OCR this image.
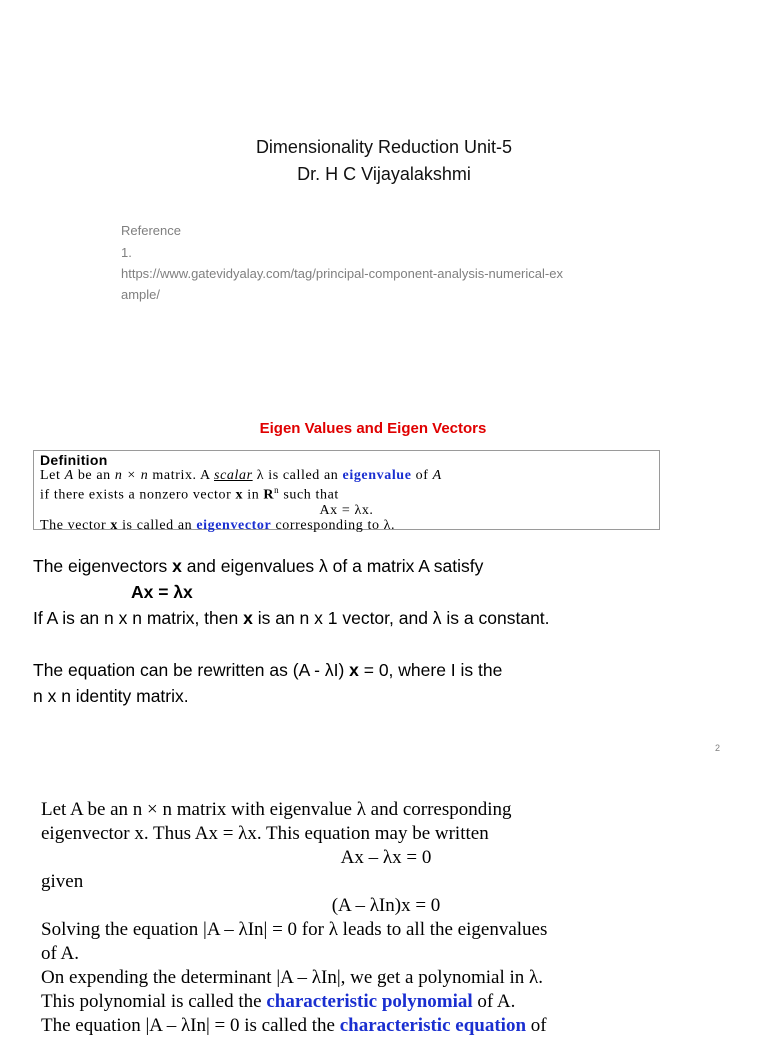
Dimensionality Reduction Unit-5
Dr. H C Vijayalakshmi
Reference
1.
https://www.gatevidyalay.com/tag/principal-component-analysis-numerical-ex
ample/
Eigen Values and Eigen Vectors
Definition
Let A be an n × n matrix. A scalar λ is called an eigenvalue of A
if there exists a nonzero vector x in $R^n$ such that
Ax = λx.
The vector x is called an eigenvector corresponding to λ.
The eigenvectors x and eigenvalues λ of a matrix A satisfy
Ax = λx
If A is an n x n matrix, then x is an n x 1 vector, and λ is a constant.
The equation can be rewritten as (A - λI) x = 0, where I is the
n x n identity matrix.
2
Let A be an n × n matrix with eigenvalue λ and corresponding
eigenvector x. Thus Ax = λx. This equation may be written
Ax – λx = 0
given
(A – λIn)x = 0
Solving the equation |A – λIn| = 0 for λ leads to all the eigenvalues
of A.
On expending the determinant |A – λIn|, we get a polynomial in λ.
This polynomial is called the characteristic polynomial of A.
The equation |A – λIn| = 0 is called the characteristic equation of
